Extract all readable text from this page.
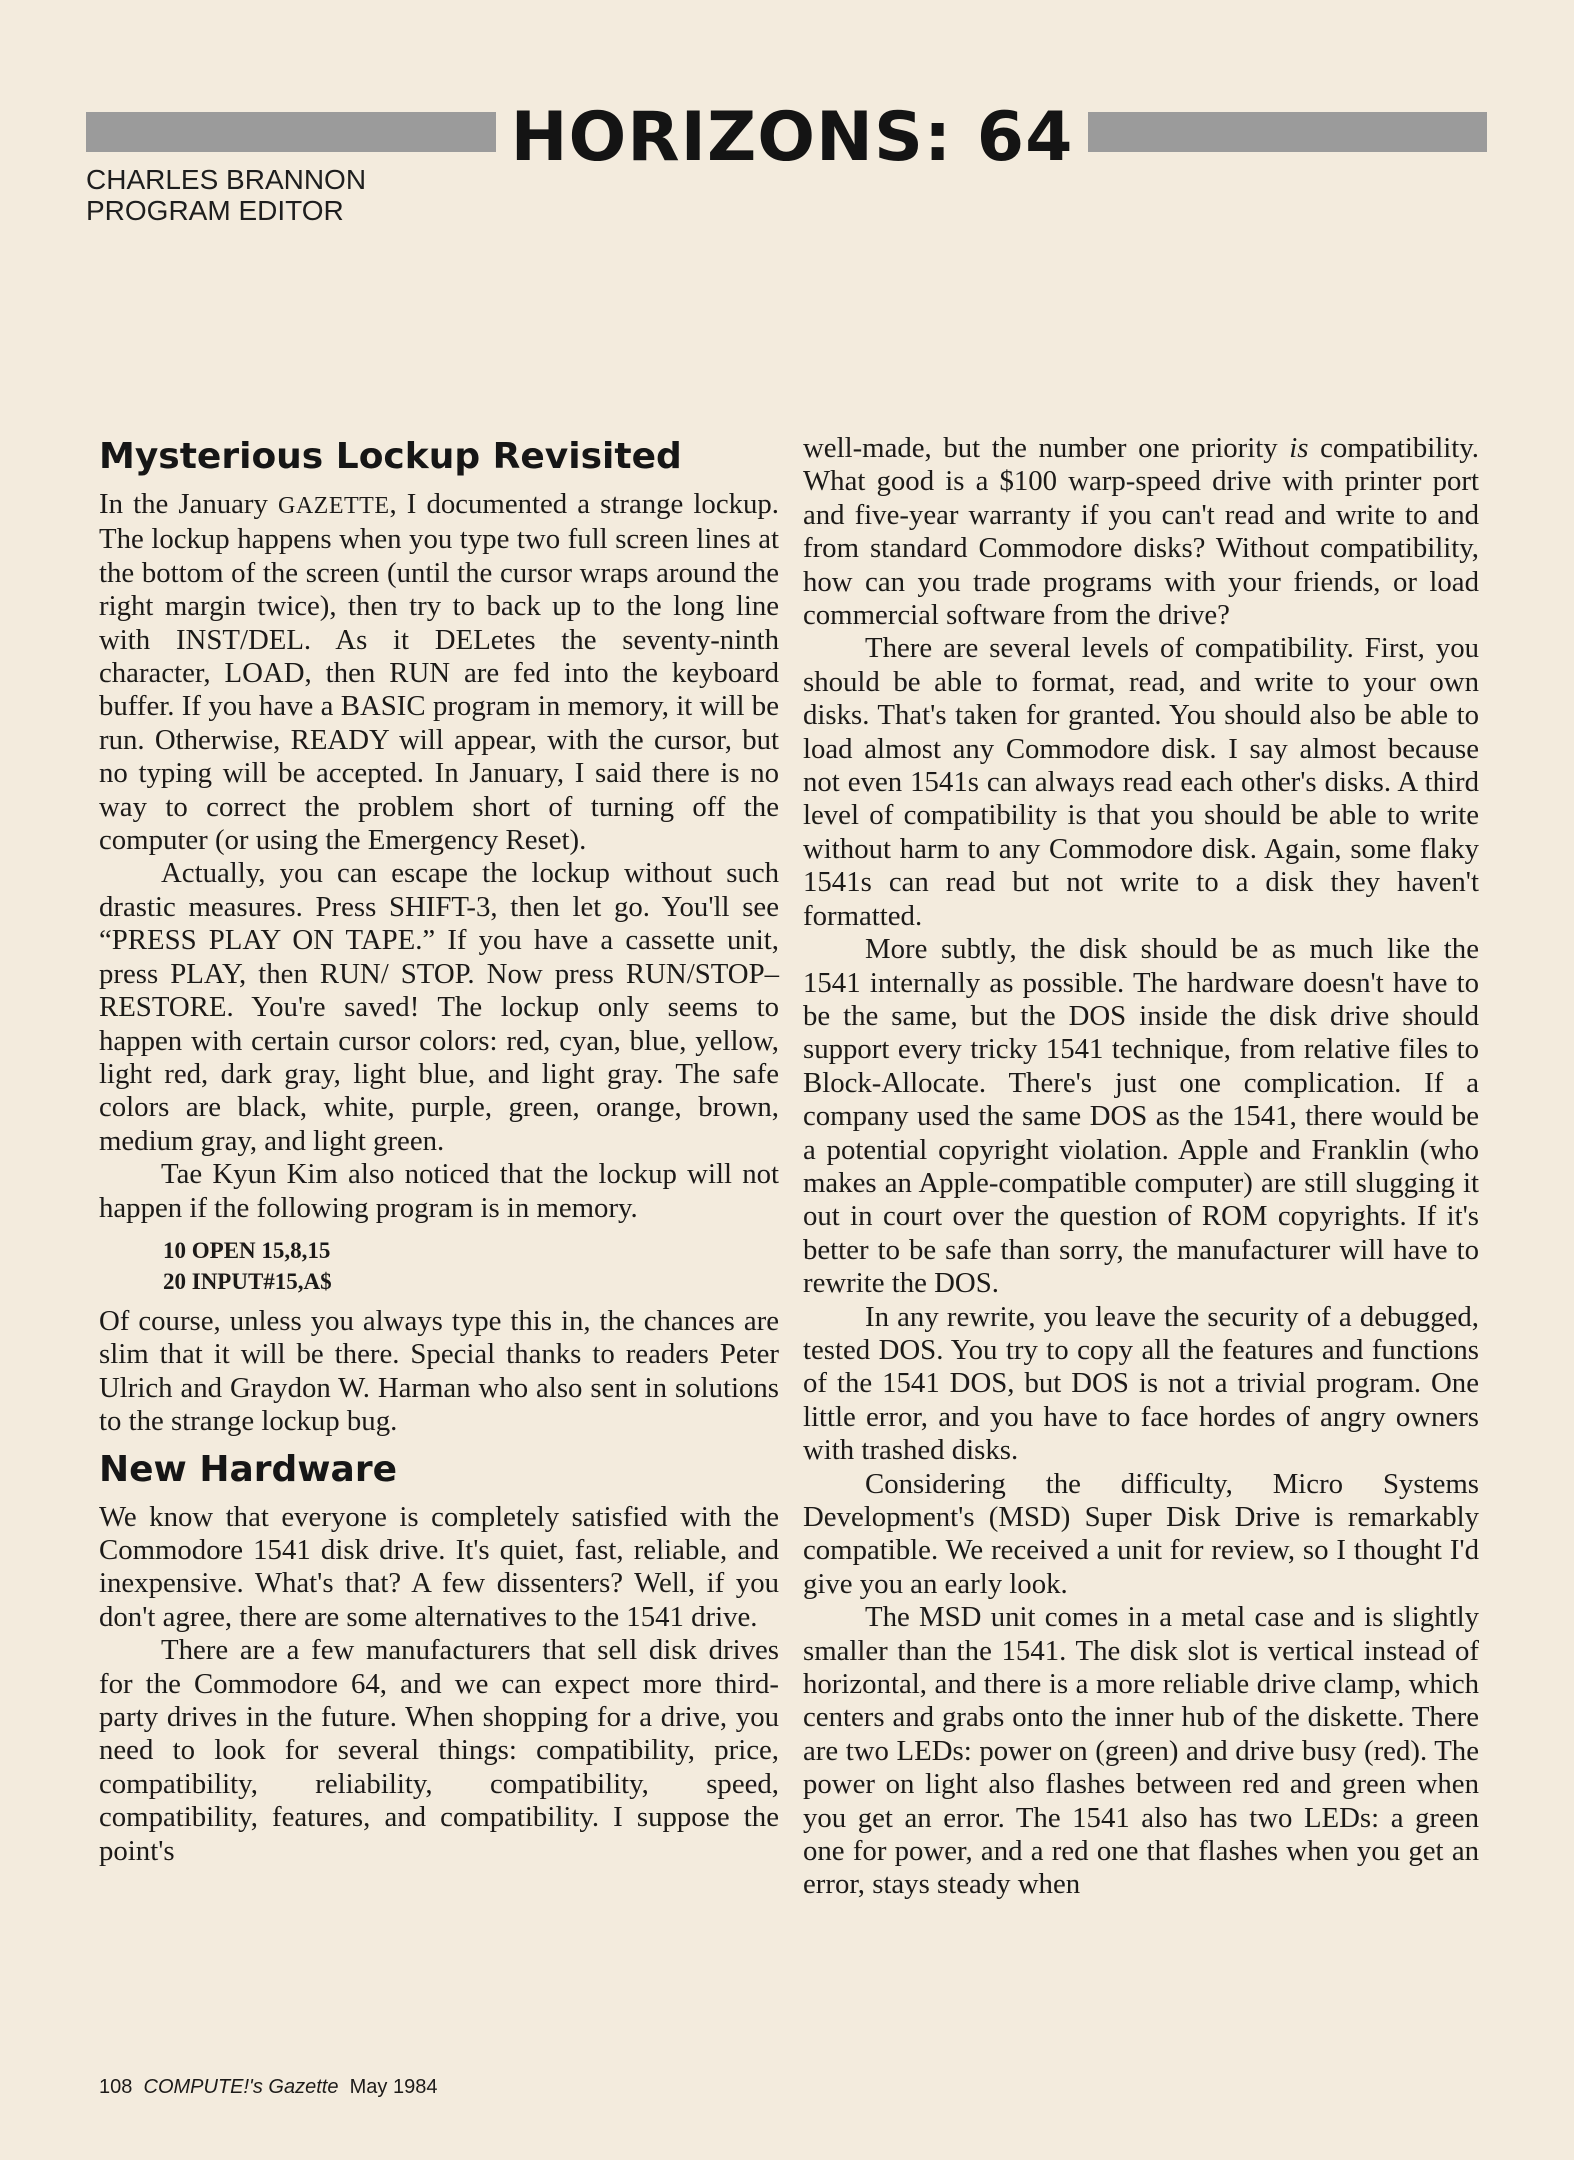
HORIZONS: 64
CHARLES BRANNON
PROGRAM EDITOR
Mysterious Lockup Revisited

In the January GAZETTE, I documented a strange lockup. The lockup happens when you type two full screen lines at the bottom of the screen (until the cursor wraps around the right margin twice), then try to back up to the long line with INST/DEL. As it DELetes the seventy-ninth character, LOAD, then RUN are fed into the keyboard buffer. If you have a BASIC program in memory, it will be run. Otherwise, READY will appear, with the cursor, but no typing will be accepted. In January, I said there is no way to correct the problem short of turning off the computer (or using the Emergency Reset).

Actually, you can escape the lockup without such drastic measures. Press SHIFT-3, then let go. You'll see “PRESS PLAY ON TAPE.” If you have a cassette unit, press PLAY, then RUN/ STOP. Now press RUN/STOP–RESTORE. You're saved! The lockup only seems to happen with certain cursor colors: red, cyan, blue, yellow, light red, dark gray, light blue, and light gray. The safe colors are black, white, purple, green, orange, brown, medium gray, and light green.

Tae Kyun Kim also noticed that the lockup will not happen if the following program is in memory.

10 OPEN 15,8,15
20 INPUT#15,A$

Of course, unless you always type this in, the chances are slim that it will be there. Special thanks to readers Peter Ulrich and Graydon W. Harman who also sent in solutions to the strange lockup bug.

New Hardware

We know that everyone is completely satisfied with the Commodore 1541 disk drive. It's quiet, fast, reliable, and inexpensive. What's that? A few dissenters? Well, if you don't agree, there are some alternatives to the 1541 drive.

There are a few manufacturers that sell disk drives for the Commodore 64, and we can expect more third-party drives in the future. When shopping for a drive, you need to look for several things: compatibility, price, compatibility, reliability, compatibility, speed, compatibility, features, and compatibility. I suppose the point's

well-made, but the number one priority is compatibility. What good is a $100 warp-speed drive with printer port and five-year warranty if you can't read and write to and from standard Commodore disks? Without compatibility, how can you trade programs with your friends, or load commercial software from the drive?

There are several levels of compatibility. First, you should be able to format, read, and write to your own disks. That's taken for granted. You should also be able to load almost any Commodore disk. I say almost because not even 1541s can always read each other's disks. A third level of compatibility is that you should be able to write without harm to any Commodore disk. Again, some flaky 1541s can read but not write to a disk they haven't formatted.

More subtly, the disk should be as much like the 1541 internally as possible. The hardware doesn't have to be the same, but the DOS inside the disk drive should support every tricky 1541 technique, from relative files to Block-Allocate. There's just one complication. If a company used the same DOS as the 1541, there would be a potential copyright violation. Apple and Franklin (who makes an Apple-compatible computer) are still slugging it out in court over the question of ROM copyrights. If it's better to be safe than sorry, the manufacturer will have to rewrite the DOS.

In any rewrite, you leave the security of a debugged, tested DOS. You try to copy all the features and functions of the 1541 DOS, but DOS is not a trivial program. One little error, and you have to face hordes of angry owners with trashed disks.

Considering the difficulty, Micro Systems Development's (MSD) Super Disk Drive is remarkably compatible. We received a unit for review, so I thought I'd give you an early look.

The MSD unit comes in a metal case and is slightly smaller than the 1541. The disk slot is vertical instead of horizontal, and there is a more reliable drive clamp, which centers and grabs onto the inner hub of the diskette. There are two LEDs: power on (green) and drive busy (red). The power on light also flashes between red and green when you get an error. The 1541 also has two LEDs: a green one for power, and a red one that flashes when you get an error, stays steady when

108 COMPUTE!'s Gazette May 1984
